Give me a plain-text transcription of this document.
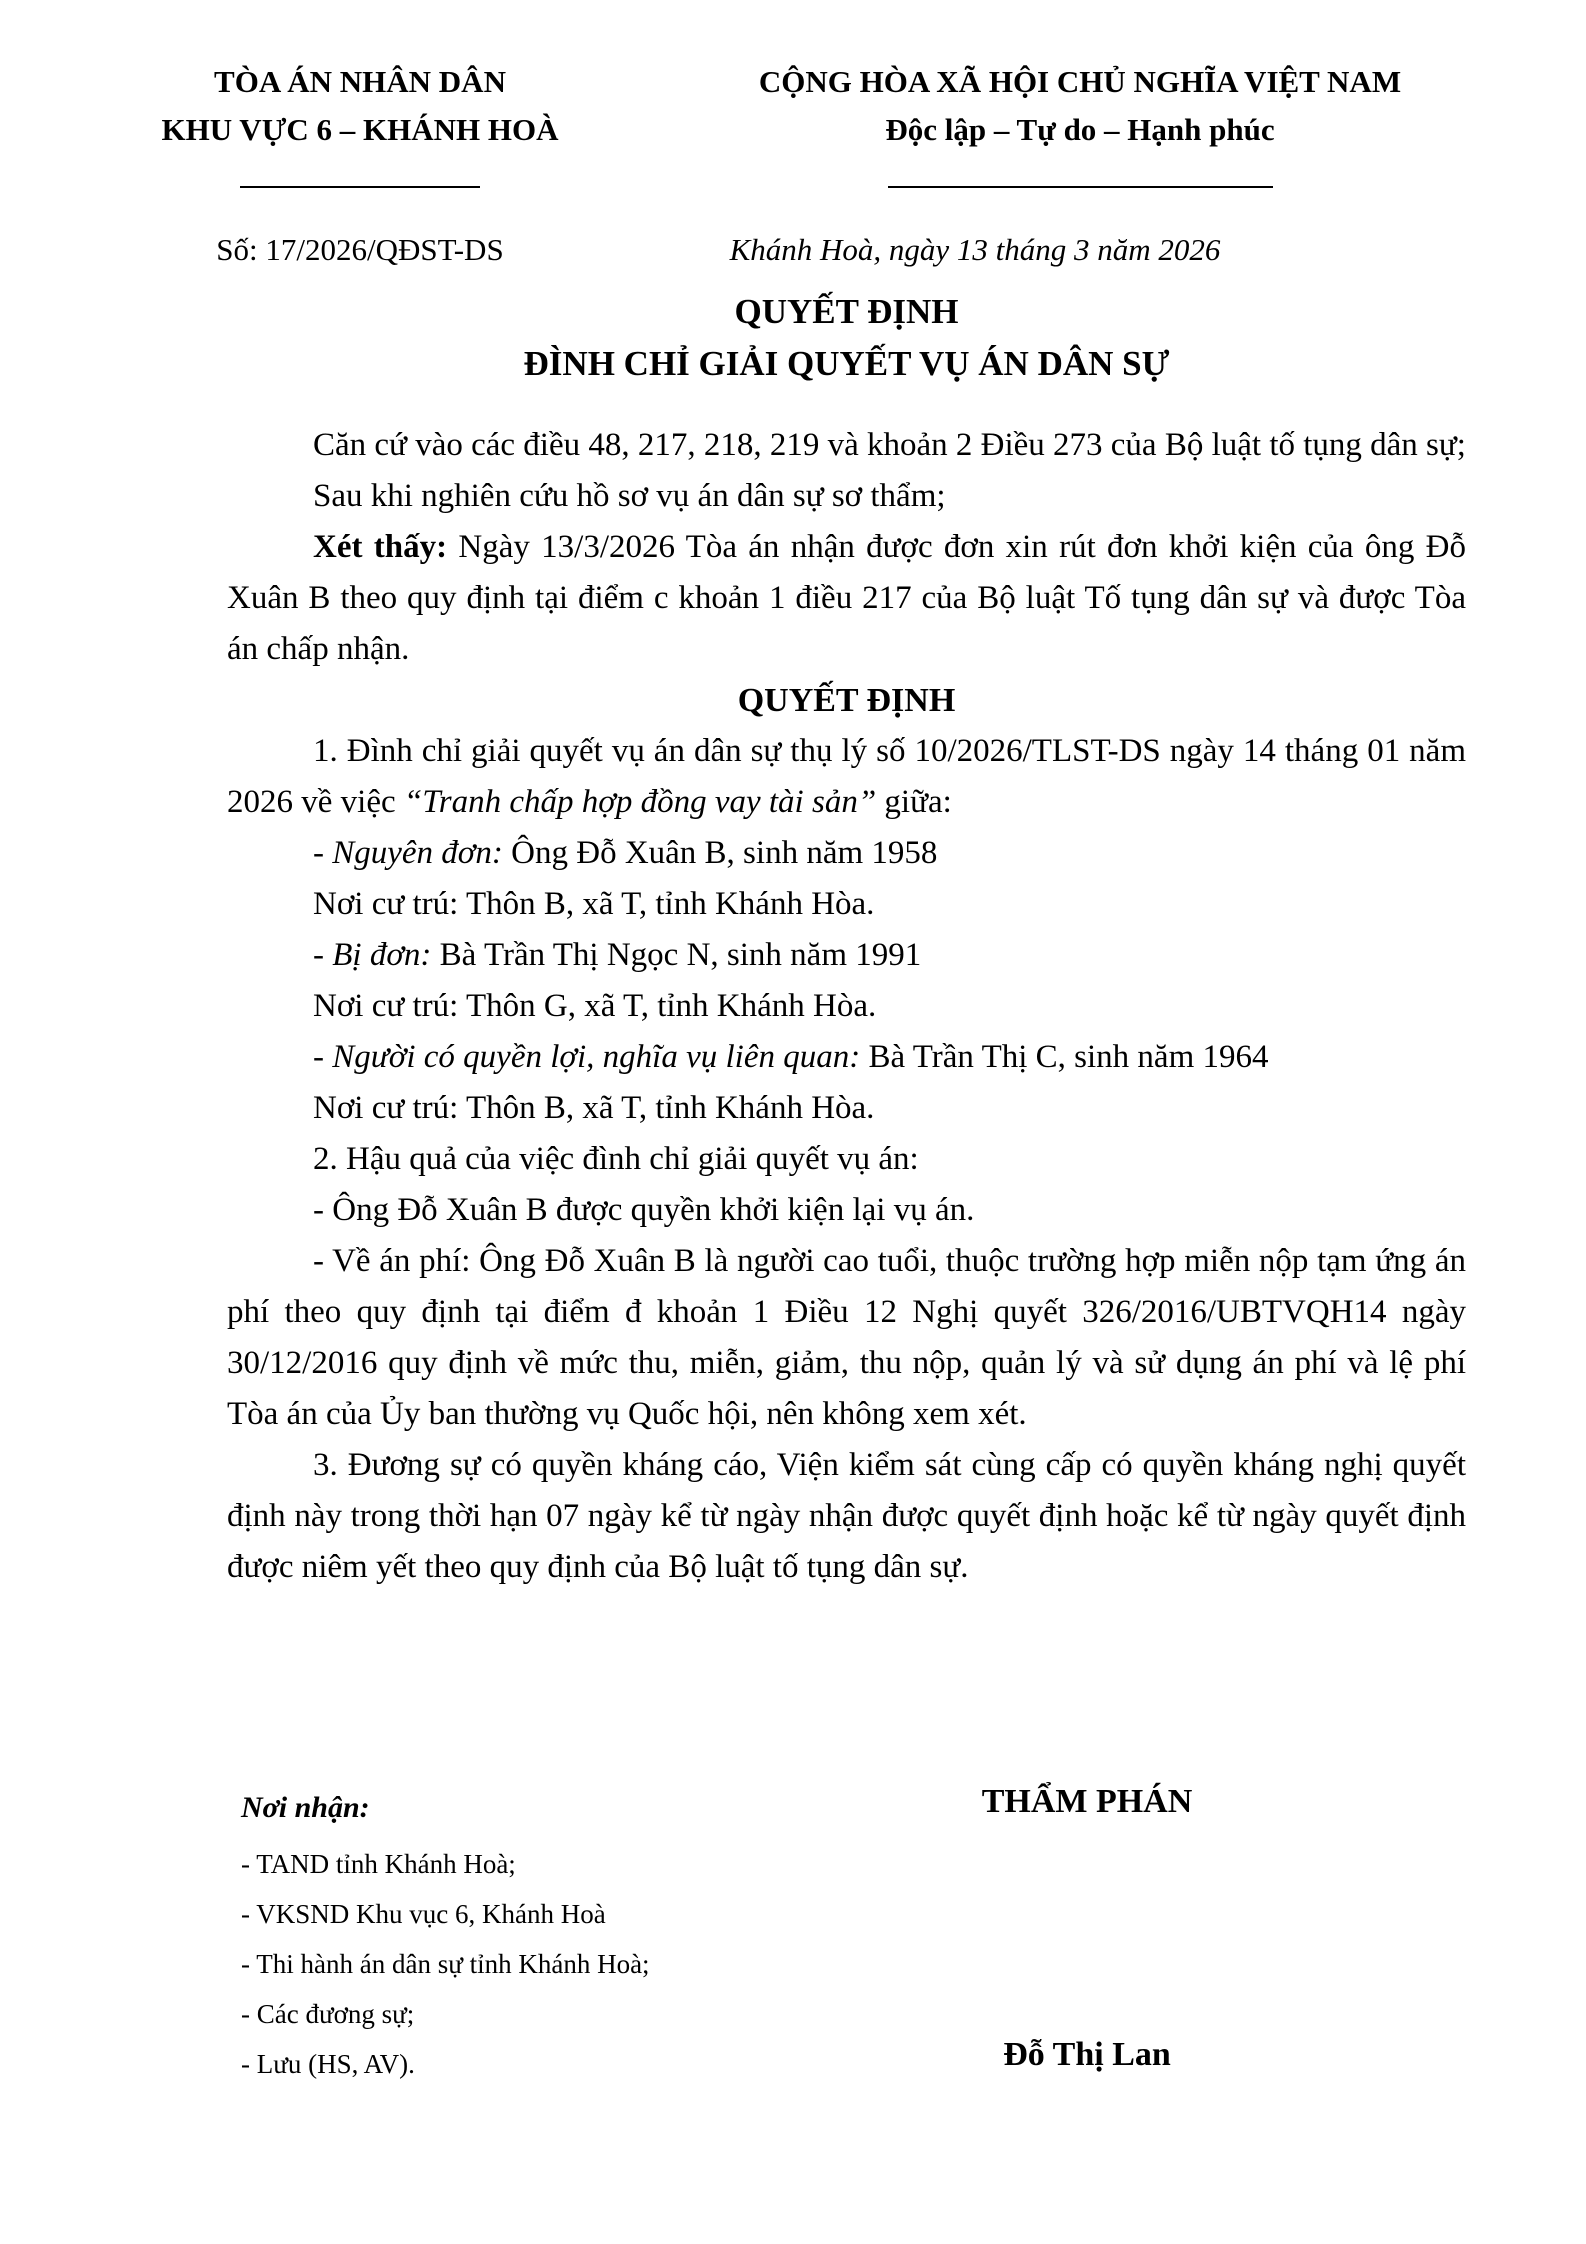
TÒA ÁN NHÂN DÂN
KHU VỰC 6 – KHÁNH HOÀ
Số: 17/2026/QĐST-DS
CỘNG HÒA XÃ HỘI CHỦ NGHĨA VIỆT NAM
Độc lập – Tự do – Hạnh phúc
Khánh Hoà, ngày 13 tháng 3 năm 2026
QUYẾT ĐỊNH
ĐÌNH CHỈ GIẢI QUYẾT VỤ ÁN DÂN SỰ

Căn cứ vào các điều 48, 217, 218, 219 và khoản 2 Điều 273 của Bộ luật tố tụng dân sự;

Sau khi nghiên cứu hồ sơ vụ án dân sự sơ thẩm;

Xét thấy: Ngày 13/3/2026 Tòa án nhận được đơn xin rút đơn khởi kiện của ông Đỗ Xuân B theo quy định tại điểm c khoản 1 điều 217 của Bộ luật Tố tụng dân sự và được Tòa án chấp nhận.

QUYẾT ĐỊNH

1. Đình chỉ giải quyết vụ án dân sự thụ lý số 10/2026/TLST-DS ngày 14 tháng 01 năm 2026 về việc “Tranh chấp hợp đồng vay tài sản” giữa:

- Nguyên đơn: Ông Đỗ Xuân B, sinh năm 1958

Nơi cư trú: Thôn B, xã T, tỉnh Khánh Hòa.

- Bị đơn: Bà Trần Thị Ngọc N, sinh năm 1991

Nơi cư trú: Thôn G, xã T, tỉnh Khánh Hòa.

- Người có quyền lợi, nghĩa vụ liên quan: Bà Trần Thị C, sinh năm 1964

Nơi cư trú: Thôn B, xã T, tỉnh Khánh Hòa.

2. Hậu quả của việc đình chỉ giải quyết vụ án:

- Ông Đỗ Xuân B được quyền khởi kiện lại vụ án.

- Về án phí: Ông Đỗ Xuân B là người cao tuổi, thuộc trường hợp miễn nộp tạm ứng án phí theo quy định tại điểm đ khoản 1 Điều 12 Nghị quyết 326/2016/UBTVQH14 ngày 30/12/2016 quy định về mức thu, miễn, giảm, thu nộp, quản lý và sử dụng án phí và lệ phí Tòa án của Ủy ban thường vụ Quốc hội, nên không xem xét.

3. Đương sự có quyền kháng cáo, Viện kiểm sát cùng cấp có quyền kháng nghị quyết định này trong thời hạn 07 ngày kể từ ngày nhận được quyết định hoặc kể từ ngày quyết định được niêm yết theo quy định của Bộ luật tố tụng dân sự.

Nơi nhận:
- TAND tỉnh Khánh Hoà;
- VKSND Khu vục 6, Khánh Hoà
- Thi hành án dân sự tỉnh Khánh Hoà;
- Các đương sự;
- Lưu (HS, AV).
THẨM PHÁN
Đỗ Thị Lan
